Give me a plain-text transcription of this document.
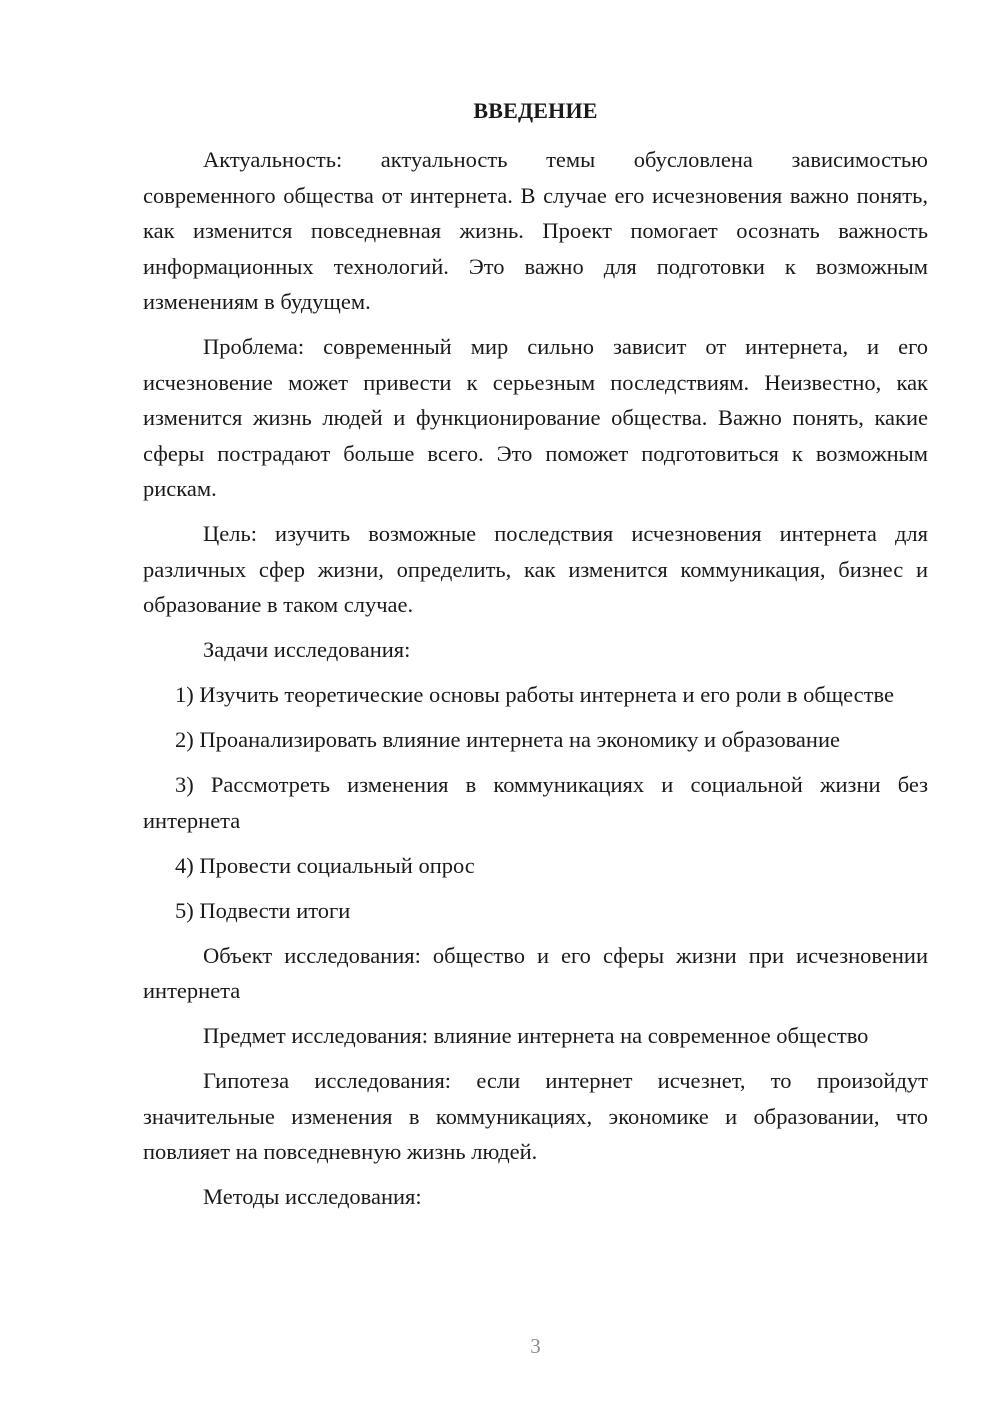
ВВЕДЕНИЕ

Актуальность: актуальность темы обусловлена зависимостью современного общества от интернета. В случае его исчезновения важно понять, как изменится повседневная жизнь. Проект помогает осознать важность информационных технологий. Это важно для подготовки к возможным изменениям в будущем.

Проблема: современный мир сильно зависит от интернета, и его исчезновение может привести к серьезным последствиям. Неизвестно, как изменится жизнь людей и функционирование общества. Важно понять, какие сферы пострадают больше всего. Это поможет подготовиться к возможным рискам.

Цель: изучить возможные последствия исчезновения интернета для различных сфер жизни, определить, как изменится коммуникация, бизнес и образование в таком случае.

Задачи исследования:

1) Изучить теоретические основы работы интернета и его роли в обществе

2) Проанализировать влияние интернета на экономику и образование

3) Рассмотреть изменения в коммуникациях и социальной жизни без интернета

4) Провести социальный опрос

5) Подвести итоги

Объект исследования: общество и его сферы жизни при исчезновении интернета

Предмет исследования: влияние интернета на современное общество

Гипотеза исследования: если интернет исчезнет, то произойдут значительные изменения в коммуникациях, экономике и образовании, что повлияет на повседневную жизнь людей.

Методы исследования:

3
